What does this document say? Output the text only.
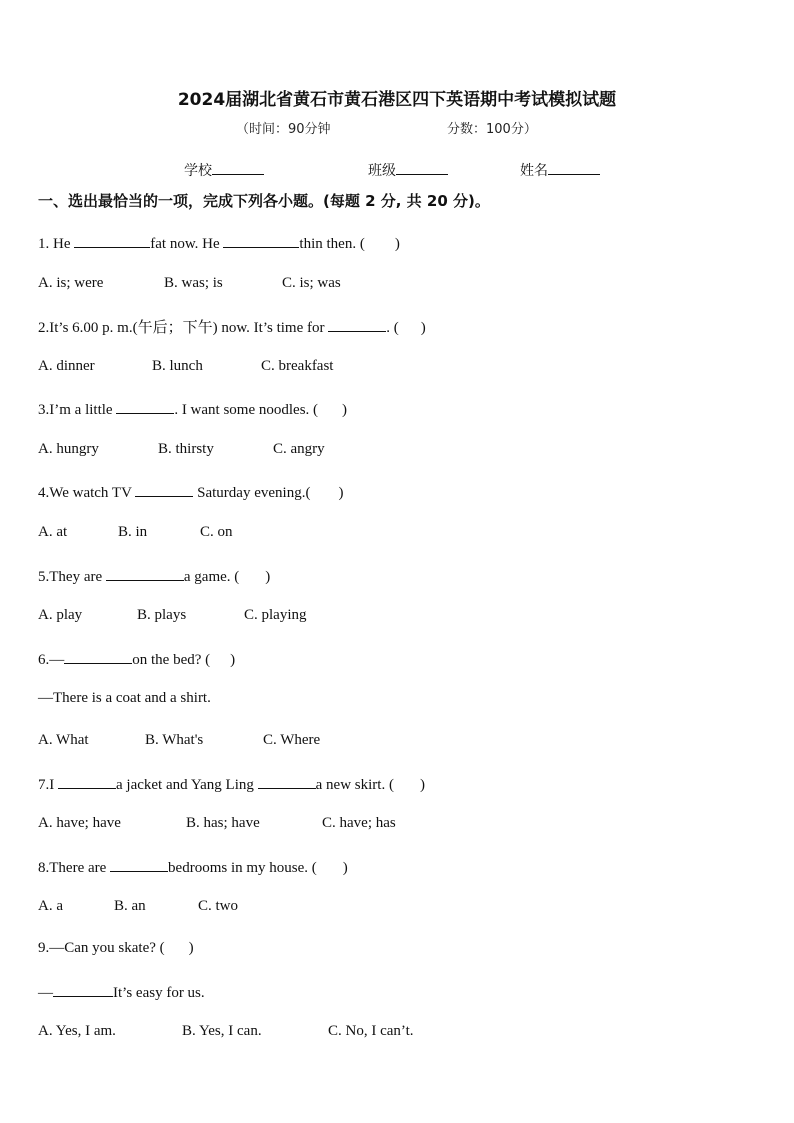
2024届湖北省黄石市黄石港区四下英语期中考试模拟试题
（时间：90分钟	分数：100分）
学校	班级	姓名
一、选出最恰当的一项，完成下列各小题。(每题 2 分, 共 20 分)。
1. He	fat now. He	thin then. ( )
A. is; were	B. was; is	C. is; was
2.It’s 6.00 p. m.(午后；下午) now. It’s time for	. ( )
A. dinner	B. lunch	C. breakfast
3.I’m a little	. I want some noodles. ( )
A. hungry	B. thirsty	C. angry
4.We watch TV	Saturday evening.( )
A. at	B. in	C. on
5.They are	a game. ( )
A. play	B. plays	C. playing
6.—	on the bed? ( )
—There is a coat and a shirt.
A. What	B. What's	C. Where
7.I	a jacket and Yang Ling	a new skirt. ( )
A. have; have	B. has; have	C. have; has
8.There are	bedrooms in my house. ( )
A. a	B. an	C. two
9.—Can you skate? ( )
—	It’s easy for us.
A. Yes, I am.	B. Yes, I can.	C. No, I can’t.
